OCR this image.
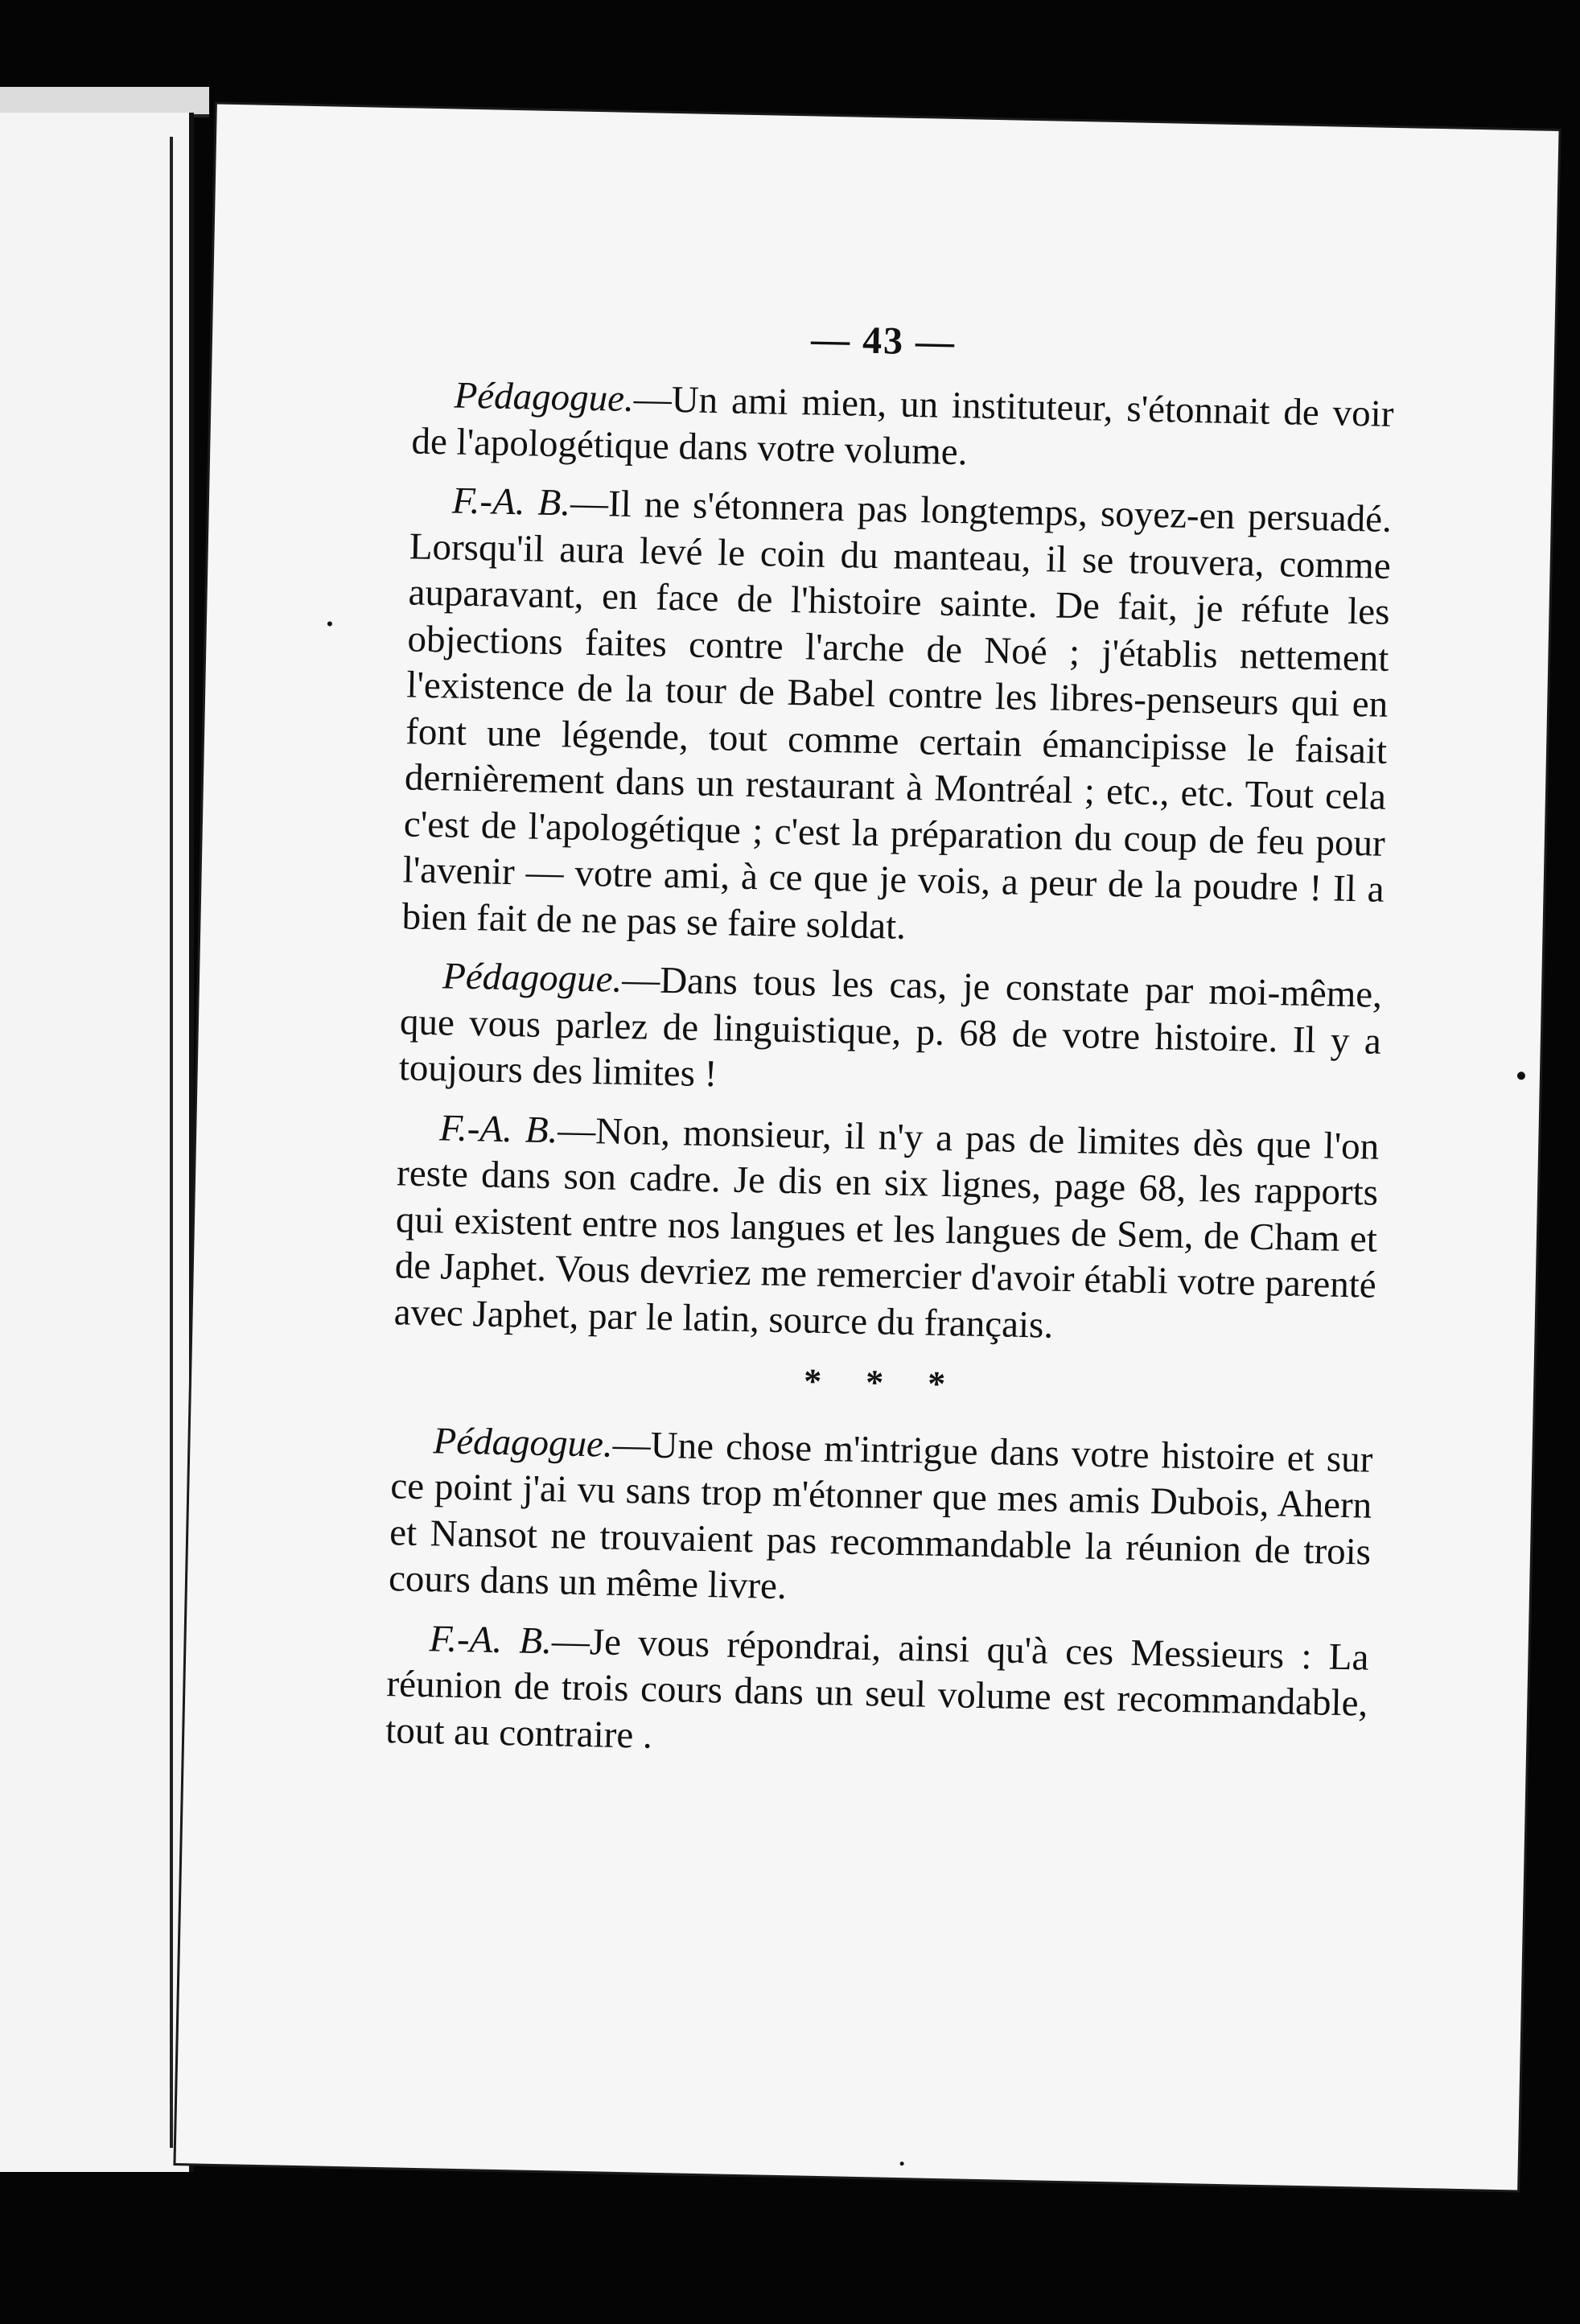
— 43 —

Pédagogue.—Un ami mien, un instituteur, s'étonnait de voir de l'apologétique dans votre volume.

F.-A. B.—Il ne s'étonnera pas longtemps, soyez-en persuadé. Lorsqu'il aura levé le coin du manteau, il se trouvera, comme auparavant, en face de l'histoire sainte. De fait, je réfute les objections faites contre l'arche de Noé ; j'établis nettement l'existence de la tour de Babel contre les libres-penseurs qui en font une légende, tout comme certain émancipisse le faisait dernièrement dans un restaurant à Montréal ; etc., etc. Tout cela c'est de l'apologétique ; c'est la préparation du coup de feu pour l'avenir — votre ami, à ce que je vois, a peur de la poudre ! Il a bien fait de ne pas se faire soldat.

Pédagogue.—Dans tous les cas, je constate par moi-même, que vous parlez de linguistique, p. 68 de votre histoire. Il y a toujours des limites !

F.-A. B.—Non, monsieur, il n'y a pas de limites dès que l'on reste dans son cadre. Je dis en six lignes, page 68, les rapports qui existent entre nos langues et les langues de Sem, de Cham et de Japhet. Vous devriez me remercier d'avoir établi votre parenté avec Japhet, par le latin, source du français.

* * *

Pédagogue.—Une chose m'intrigue dans votre histoire et sur ce point j'ai vu sans trop m'étonner que mes amis Dubois, Ahern et Nansot ne trouvaient pas recommandable la réunion de trois cours dans un même livre.

F.-A. B.—Je vous répondrai, ainsi qu'à ces Messieurs : La réunion de trois cours dans un seul volume est recommandable, tout au contraire .
